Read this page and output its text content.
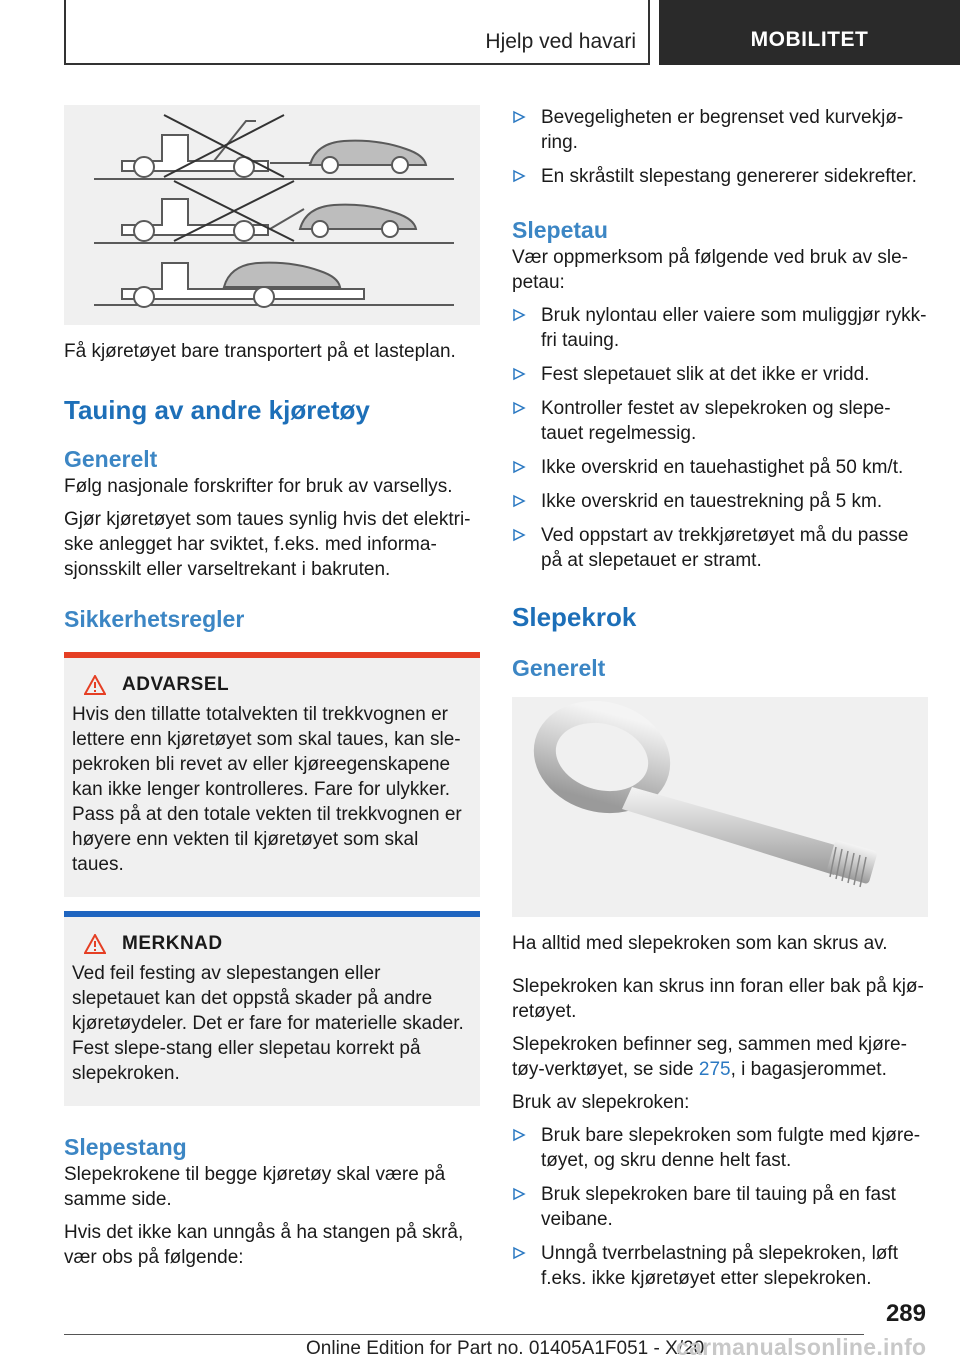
Hjelp ved havari	MOBILITET

Få kjøretøyet bare transportert på et lasteplan.

Tauing av andre kjøretøy
Generelt

Følg nasjonale forskrifter for bruk av varsellys.

Gjør kjøretøyet som taues synlig hvis det elektri-ske anlegget har sviktet, f.eks. med informa-sjonsskilt eller varseltrekant i bakruten.

Sikkerhetsregler
ADVARSEL

Hvis den tillatte totalvekten til trekkvognen er lettere enn kjøretøyet som skal taues, kan sle-pekroken bli revet av eller kjøreegenskapene kan ikke lenger kontrolleres. Fare for ulykker. Pass på at den totale vekten til trekkvognen er høyere enn vekten til kjøretøyet som skal taues.

MERKNAD

Ved feil festing av slepestangen eller slepetauet kan det oppstå skader på andre kjøretøydeler. Det er fare for materielle skader. Fest slepe-stang eller slepetau korrekt på slepekroken.

Slepestang

Slepekrokene til begge kjøretøy skal være på samme side.

Hvis det ikke kan unngås å ha stangen på skrå, vær obs på følgende:

Bevegeligheten er begrenset ved kurvekjø-ring.
En skråstilt slepestang genererer sidekrefter.
Slepetau

Vær oppmerksom på følgende ved bruk av sle-petau:

Bruk nylontau eller vaiere som muliggjør rykk-fri tauing.
Fest slepetauet slik at det ikke er vridd.
Kontroller festet av slepekroken og slepe-tauet regelmessig.
Ikke overskrid en tauehastighet på 50 km/t.
Ikke overskrid en tauestrekning på 5 km.
Ved oppstart av trekkjøretøyet må du passe på at slepetauet er stramt.
Slepekrok
Generelt

Ha alltid med slepekroken som kan skrus av.

Slepekroken kan skrus inn foran eller bak på kjø-retøyet.

Slepekroken befinner seg, sammen med kjøre-tøy-verktøyet, se side 275, i bagasjerommet.

Bruk av slepekroken:

Bruk bare slepekroken som fulgte med kjøre-tøyet, og skru denne helt fast.
Bruk slepekroken bare til tauing på en fast veibane.
Unngå tverrbelastning på slepekroken, løft f.eks. ikke kjøretøyet etter slepekroken.
289
Online Edition for Part no. 01405A1F051 - X/20
carmanualsonline.info
